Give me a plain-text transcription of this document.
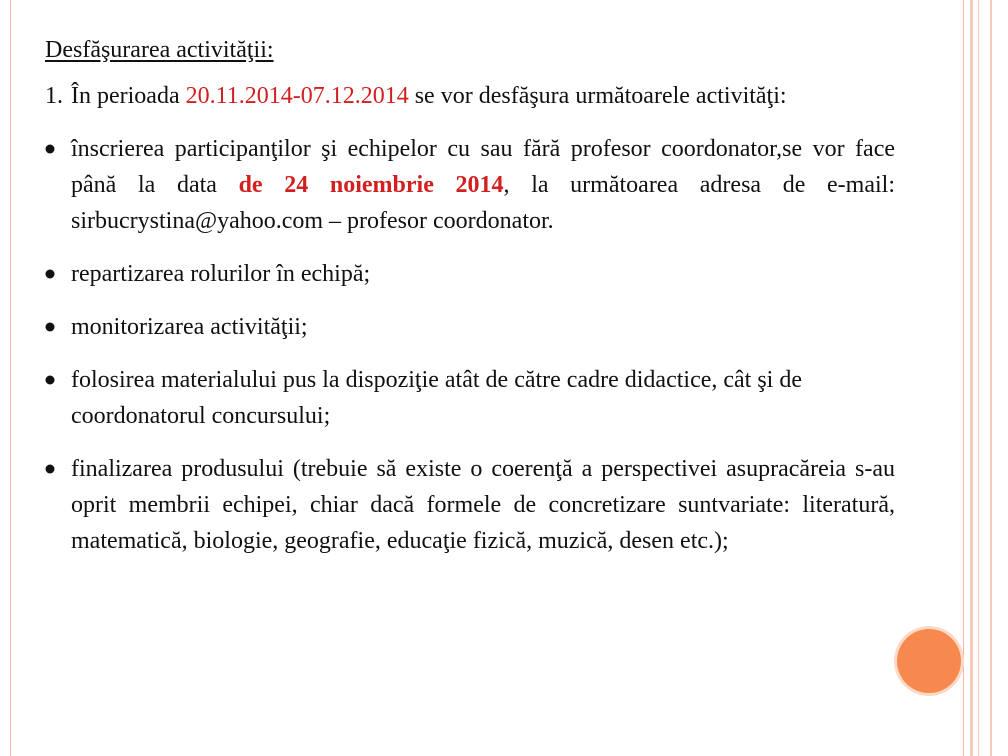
Desfăşurarea activităţii:

1. În perioada 20.11.2014-07.12.2014 se vor desfăşura următoarele activităţi:

înscrierea participanţilor şi echipelor cu sau fără profesor coordonator,se vor face până la data de 24 noiembrie 2014, la următoarea adresa de e-mail: sirbucrystina@yahoo.com – profesor coordonator.
repartizarea rolurilor în echipă;
monitorizarea activităţii;
folosirea materialului pus la dispoziţie atât de către cadre didactice, cât şi de coordonatorul concursului;
finalizarea produsului (trebuie să existe o coerenţă a perspectivei asupracăreia s-au oprit membrii echipei, chiar dacă formele de concretizare suntvariate: literatură, matematică, biologie, geografie, educaţie fizică, muzică, desen etc.);
